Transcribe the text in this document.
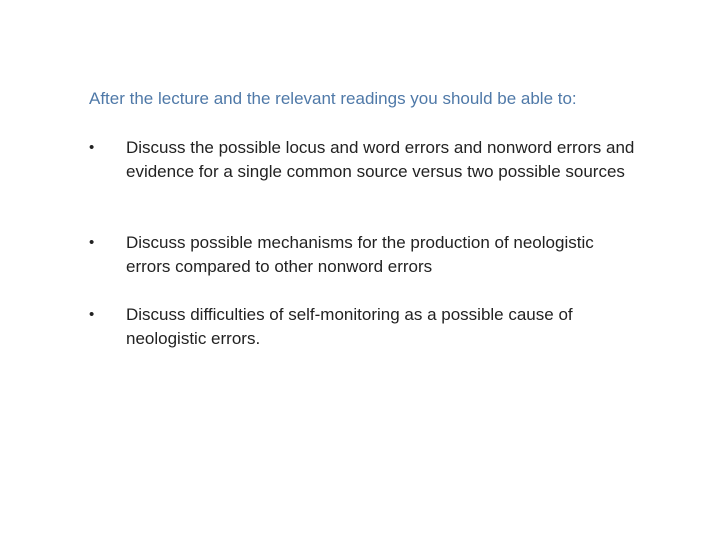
After the lecture and the relevant readings you should be able to:
•	Discuss the possible locus and word errors and nonword errors and evidence for a single common source versus two possible sources
•	Discuss possible mechanisms for the production of neologistic errors compared to other nonword errors
•	Discuss difficulties of self-monitoring as a possible cause of neologistic errors.
